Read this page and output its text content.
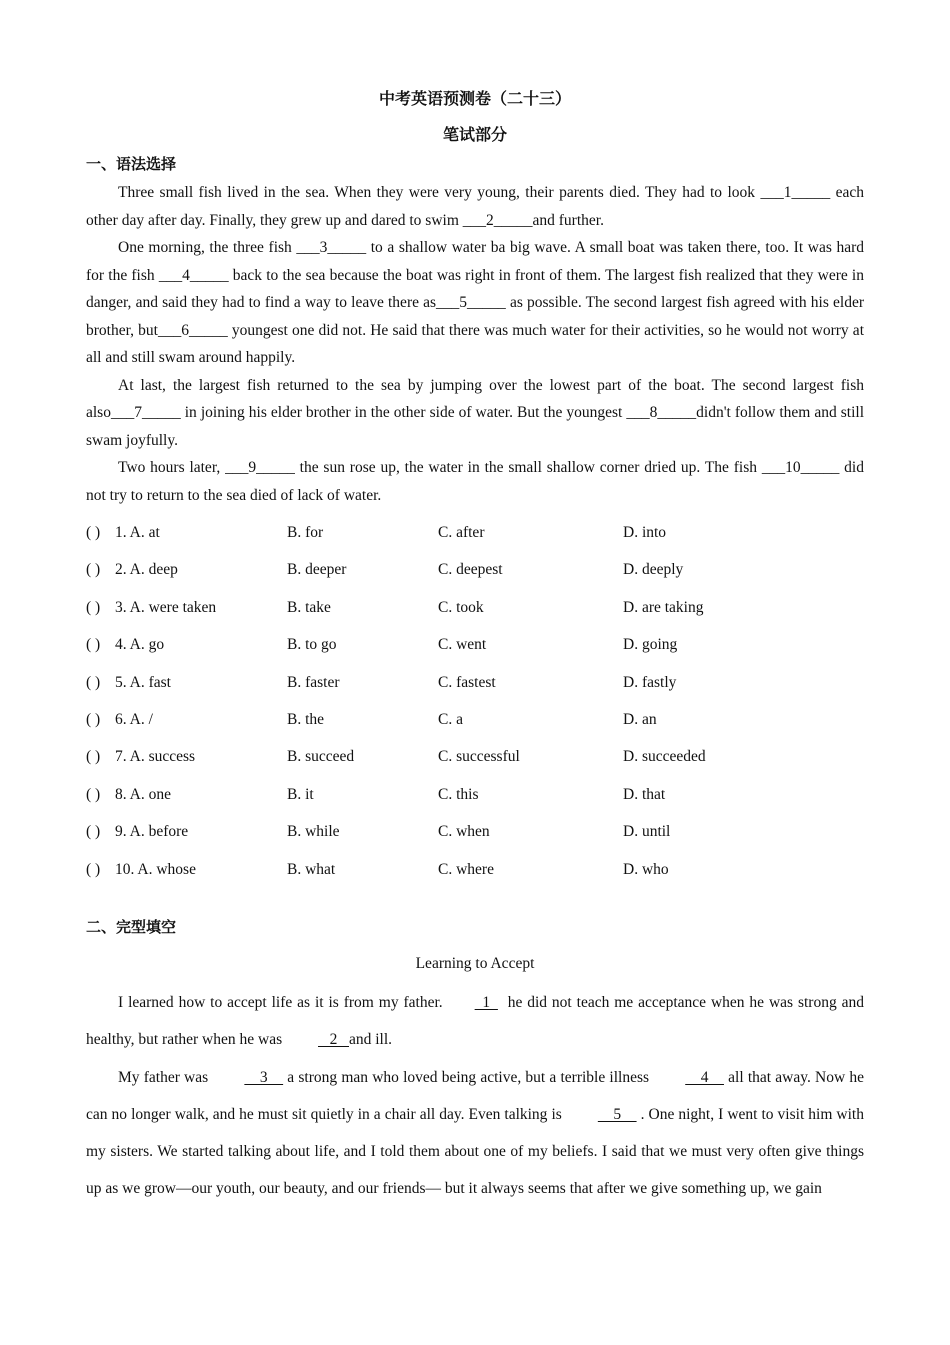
中考英语预测卷（二十三）
笔试部分
一、语法选择

Three small fish lived in the sea. When they were very young, their parents died. They had to look ___1_____ each other day after day. Finally, they grew up and dared to swim ___2_____and further.

One morning, the three fish ___3_____ to a shallow water ba big wave. A small boat was taken there, too. It was hard for the fish ___4_____ back to the sea because the boat was right in front of them. The largest fish realized that they were in danger, and said they had to find a way to leave there as___5_____ as possible. The second largest fish agreed with his elder brother, but___6_____ youngest one did not. He said that there was much water for their activities, so he would not worry at all and still swam around happily.

At last, the largest fish returned to the sea by jumping over the lowest part of the boat. The second largest fish also___7_____ in joining his elder brother in the other side of water. But the youngest ___8_____didn't follow them and still swam joyfully.

Two hours later, ___9_____ the sun rose up, the water in the small shallow corner dried up. The fish ___10_____ did not try to return to the sea died of lack of water.

( ) 1. A. at	B. for	C. after	D. into
( ) 2. A. deep	B. deeper	C. deepest	D. deeply
( ) 3. A. were taken	B. take	C. took	D. are taking
( ) 4. A. go	B. to go	C. went	D. going
( ) 5. A. fast	B. faster	C. fastest	D. fastly
( ) 6. A. /	B. the	C. a	D. an
( ) 7. A. success	B. succeed	C. successful	D. succeeded
( ) 8. A. one	B. it	C. this	D. that
( ) 9. A. before	B. while	C. when	D. until
( ) 10. A. whose	B. what	C. where	D. who
二、完型填空
Learning to Accept

I learned how to accept life as it is from my father.  1    he did not teach me acceptance when he was strong and healthy, but rather when he was    2   and ill.

My father was     3     a strong man who loved being active, but a terrible illness     4     all that away. Now he can no longer walk, and he must sit quietly in a chair all day. Even talking is     5     . One night, I went to visit him with my sisters. We started talking about life, and I told them about one of my beliefs. I said that we must very often give things up as we grow—our youth, our beauty, and our friends— but it always seems that after we give something up, we gain
